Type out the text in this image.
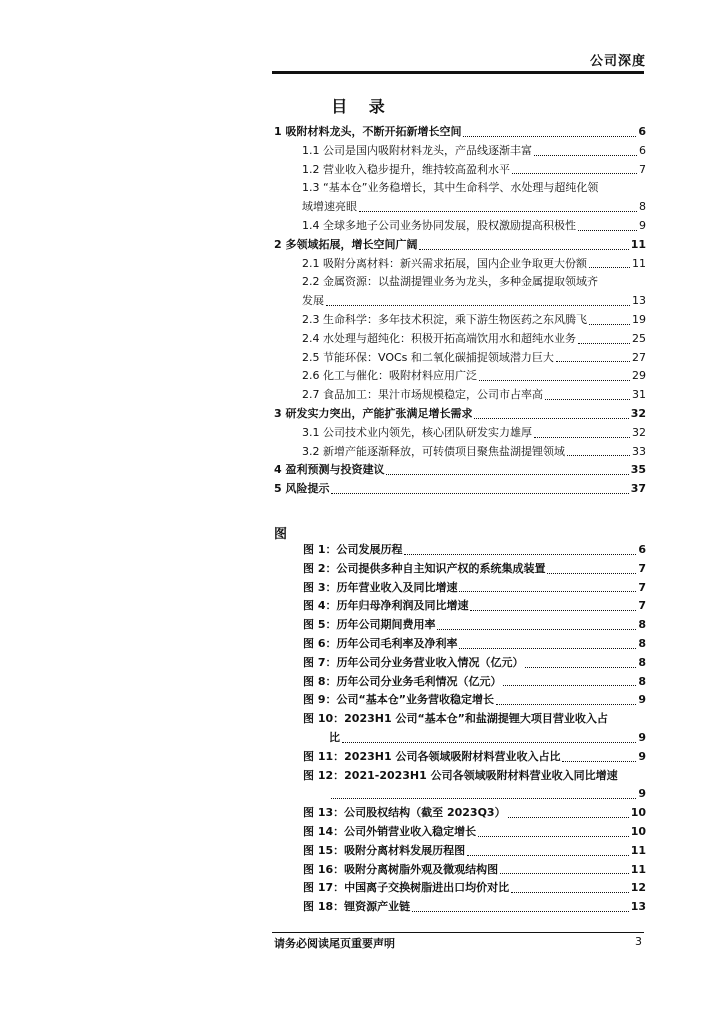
公司深度
目 录
1 吸附材料龙头，不断开拓新增长空间	6
1.1 公司是国内吸附材料龙头，产品线逐渐丰富	6
1.2 营业收入稳步提升，维持较高盈利水平	7
1.3 “基本仓”业务稳增长，其中生命科学、水处理与超纯化领
域增速亮眼	8
1.4 全球多地子公司业务协同发展，股权激励提高积极性	9
2 多领域拓展，增长空间广阔	11
2.1 吸附分离材料：新兴需求拓展，国内企业争取更大份额	11
2.2 金属资源：以盐湖提锂业务为龙头，多种金属提取领域齐
发展	13
2.3 生命科学：多年技术积淀，乘下游生物医药之东风腾飞	19
2.4 水处理与超纯化：积极开拓高端饮用水和超纯水业务	25
2.5 节能环保：VOCs 和二氧化碳捕捉领域潜力巨大	27
2.6 化工与催化：吸附材料应用广泛	29
2.7 食品加工：果汁市场规模稳定，公司市占率高	31
3 研发实力突出，产能扩张满足增长需求	32
3.1 公司技术业内领先，核心团队研发实力雄厚	32
3.2 新增产能逐渐释放，可转债项目聚焦盐湖提锂领域	33
4 盈利预测与投资建议	35
5 风险提示	37
图
图 1：公司发展历程	6
图 2：公司提供多种自主知识产权的系统集成装置	7
图 3：历年营业收入及同比增速	7
图 4：历年归母净利润及同比增速	7
图 5：历年公司期间费用率	8
图 6：历年公司毛利率及净利率	8
图 7：历年公司分业务营业收入情况（亿元）	8
图 8：历年公司分业务毛利情况（亿元）	8
图 9：公司“基本仓”业务营收稳定增长	9
图 10：2023H1 公司“基本仓”和盐湖提锂大项目营业收入占
比	9
图 11：2023H1 公司各领域吸附材料营业收入占比	9
图 12：2021-2023H1 公司各领域吸附材料营业收入同比增速
9
图 13：公司股权结构（截至 2023Q3）	10
图 14：公司外销营业收入稳定增长	10
图 15：吸附分离材料发展历程图	11
图 16：吸附分离树脂外观及微观结构图	11
图 17：中国离子交换树脂进出口均价对比	12
图 18：锂资源产业链	13
请务必阅读尾页重要声明	3
